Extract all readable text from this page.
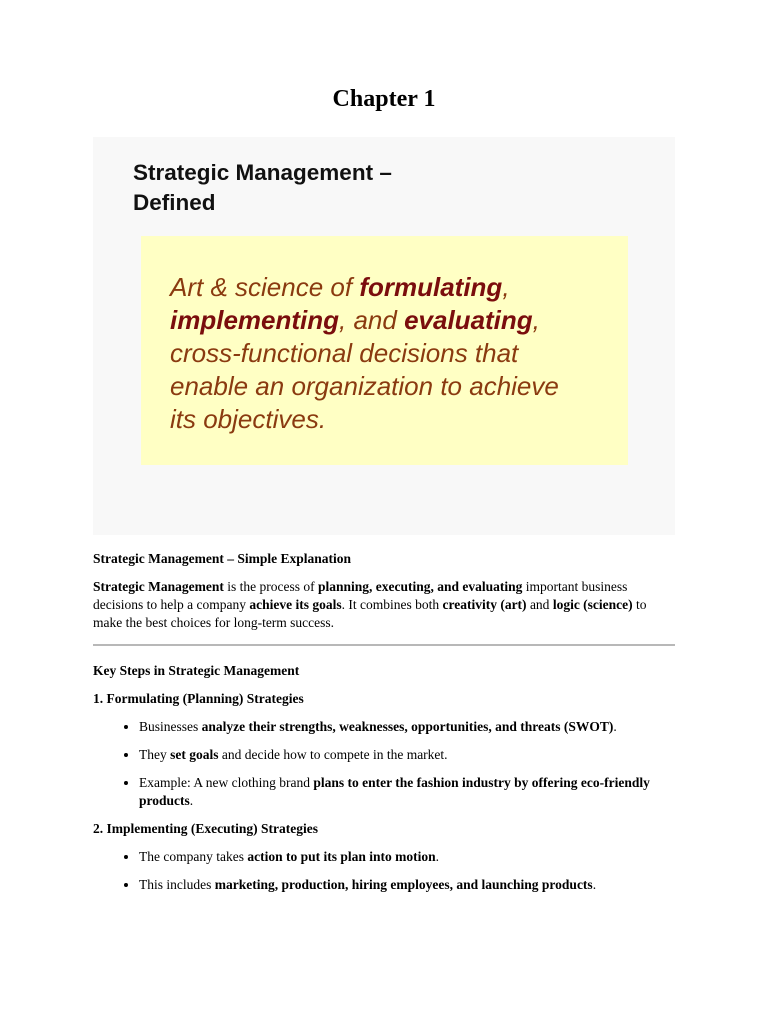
Chapter 1
Strategic Management –
Defined

Art & science of formulating,
implementing, and evaluating,
cross-functional decisions that
enable an organization to achieve
its objectives.

Strategic Management – Simple Explanation

Strategic Management is the process of planning, executing, and evaluating important business decisions to help a company achieve its goals. It combines both creativity (art) and logic (science) to make the best choices for long-term success.

Key Steps in Strategic Management

1. Formulating (Planning) Strategies

• Businesses analyze their strengths, weaknesses, opportunities, and threats (SWOT).
• They set goals and decide how to compete in the market.
• Example: A new clothing brand plans to enter the fashion industry by offering eco-friendly products.

2. Implementing (Executing) Strategies

• The company takes action to put its plan into motion.
• This includes marketing, production, hiring employees, and launching products.
